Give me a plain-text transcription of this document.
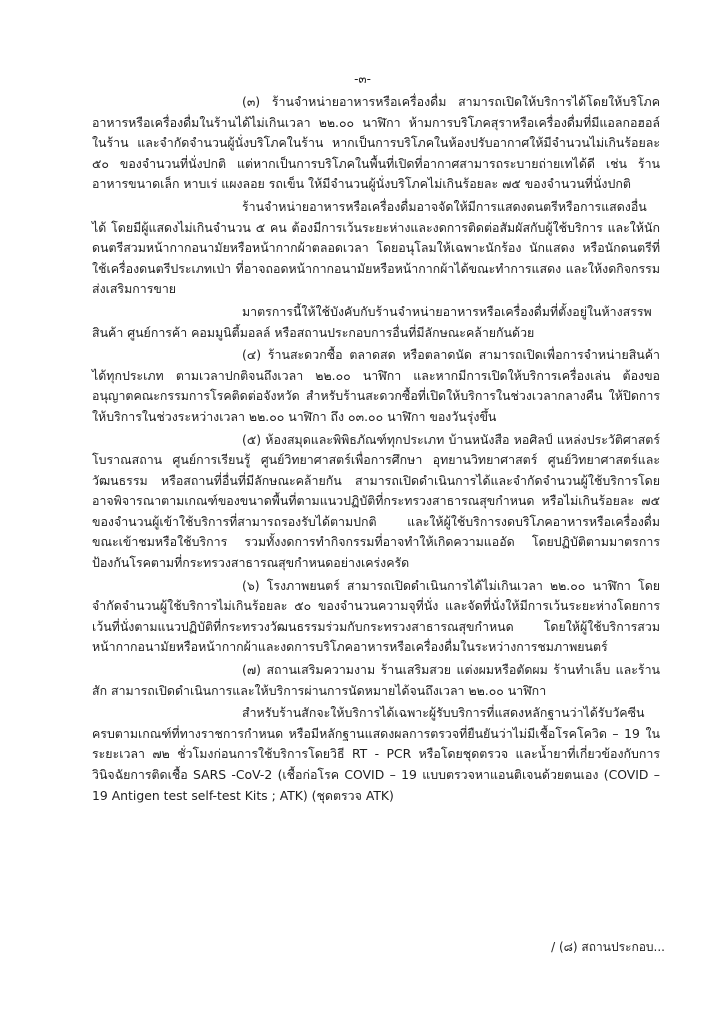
-๓-

(๓) ร้านจำหน่ายอาหารหรือเครื่องดื่ม สามารถเปิดให้บริการได้โดยให้บริโภคอาหารหรือเครื่องดื่มในร้านได้ไม่เกินเวลา ๒๒.๐๐ นาฬิกา ห้ามการบริโภคสุราหรือเครื่องดื่มที่มีแอลกอฮอล์ในร้าน และจำกัดจำนวนผู้นั่งบริโภคในร้าน หากเป็นการบริโภคในห้องปรับอากาศให้มีจำนวนไม่เกินร้อยละ ๕๐ ของจำนวนที่นั่งปกติ แต่หากเป็นการบริโภคในพื้นที่เปิดที่อากาศสามารถระบายถ่ายเทได้ดี เช่น ร้านอาหารขนาดเล็ก หาบเร่ แผงลอย รถเข็น ให้มีจำนวนผู้นั่งบริโภคไม่เกินร้อยละ ๗๕ ของจำนวนที่นั่งปกติ

ร้านจำหน่ายอาหารหรือเครื่องดื่มอาจจัดให้มีการแสดงดนตรีหรือการแสดงอื่นได้ โดยมีผู้แสดงไม่เกินจำนวน ๕ คน ต้องมีการเว้นระยะห่างและงดการติดต่อสัมผัสกับผู้ใช้บริการ และให้นักดนตรีสวมหน้ากากอนามัยหรือหน้ากากผ้าตลอดเวลา โดยอนุโลมให้เฉพาะนักร้อง นักแสดง หรือนักดนตรีที่ใช้เครื่องดนตรีประเภทเป่า ที่อาจถอดหน้ากากอนามัยหรือหน้ากากผ้าได้ขณะทำการแสดง และให้งดกิจกรรมส่งเสริมการขาย

มาตรการนี้ให้ใช้บังคับกับร้านจำหน่ายอาหารหรือเครื่องดื่มที่ตั้งอยู่ในห้างสรรพสินค้า ศูนย์การค้า คอมมูนิตี้มอลล์ หรือสถานประกอบการอื่นที่มีลักษณะคล้ายกันด้วย

(๔) ร้านสะดวกซื้อ ตลาดสด หรือตลาดนัด สามารถเปิดเพื่อการจำหน่ายสินค้าได้ทุกประเภท ตามเวลาปกติจนถึงเวลา ๒๒.๐๐ นาฬิกา และหากมีการเปิดให้บริการเครื่องเล่น ต้องขออนุญาตคณะกรรมการโรคติดต่อจังหวัด สำหรับร้านสะดวกซื้อที่เปิดให้บริการในช่วงเวลากลางคืน ให้ปิดการให้บริการในช่วงระหว่างเวลา ๒๒.๐๐ นาฬิกา ถึง ๐๓.๐๐ นาฬิกา ของวันรุ่งขึ้น

(๕) ห้องสมุดและพิพิธภัณฑ์ทุกประเภท บ้านหนังสือ หอศิลป์ แหล่งประวัติศาสตร์ โบราณสถาน ศูนย์การเรียนรู้ ศูนย์วิทยาศาสตร์เพื่อการศึกษา อุทยานวิทยาศาสตร์ ศูนย์วิทยาศาสตร์และวัฒนธรรม หรือสถานที่อื่นที่มีลักษณะคล้ายกัน สามารถเปิดดำเนินการได้และจำกัดจำนวนผู้ใช้บริการโดยอาจพิจารณาตามเกณฑ์ของขนาดพื้นที่ตามแนวปฏิบัติที่กระทรวงสาธารณสุขกำหนด หรือไม่เกินร้อยละ ๗๕ ของจำนวนผู้เข้าใช้บริการที่สามารถรองรับได้ตามปกติ และให้ผู้ใช้บริการงดบริโภคอาหารหรือเครื่องดื่มขณะเข้าชมหรือใช้บริการ รวมทั้งงดการทำกิจกรรมที่อาจทำให้เกิดความแออัด โดยปฏิบัติตามมาตรการป้องกันโรคตามที่กระทรวงสาธารณสุขกำหนดอย่างเคร่งครัด

(๖) โรงภาพยนตร์ สามารถเปิดดำเนินการได้ไม่เกินเวลา ๒๒.๐๐ นาฬิกา โดยจำกัดจำนวนผู้ใช้บริการไม่เกินร้อยละ ๕๐ ของจำนวนความจุที่นั่ง และจัดที่นั่งให้มีการเว้นระยะห่างโดยการเว้นที่นั่งตามแนวปฏิบัติที่กระทรวงวัฒนธรรมร่วมกับกระทรวงสาธารณสุขกำหนด โดยให้ผู้ใช้บริการสวมหน้ากากอนามัยหรือหน้ากากผ้าและงดการบริโภคอาหารหรือเครื่องดื่มในระหว่างการชมภาพยนตร์

(๗) สถานเสริมความงาม ร้านเสริมสวย แต่งผมหรือตัดผม ร้านทำเล็บ และร้านสัก สามารถเปิดดำเนินการและให้บริการผ่านการนัดหมายได้จนถึงเวลา ๒๒.๐๐ นาฬิกา

สำหรับร้านสักจะให้บริการได้เฉพาะผู้รับบริการที่แสดงหลักฐานว่าได้รับวัคซีนครบตามเกณฑ์ที่ทางราชการกำหนด หรือมีหลักฐานแสดงผลการตรวจที่ยืนยันว่าไม่มีเชื้อโรคโควิด – 19 ในระยะเวลา ๗๒ ชั่วโมงก่อนการใช้บริการโดยวิธี RT - PCR หรือโดยชุดตรวจ และน้ำยาที่เกี่ยวข้องกับการวินิจฉัยการติดเชื้อ SARS -CoV-2 (เชื้อก่อโรค COVID – 19 แบบตรวจหาแอนติเจนด้วยตนเอง (COVID – 19 Antigen test self-test Kits ; ATK) (ชุดตรวจ ATK)

/ (๘) สถานประกอบ...
